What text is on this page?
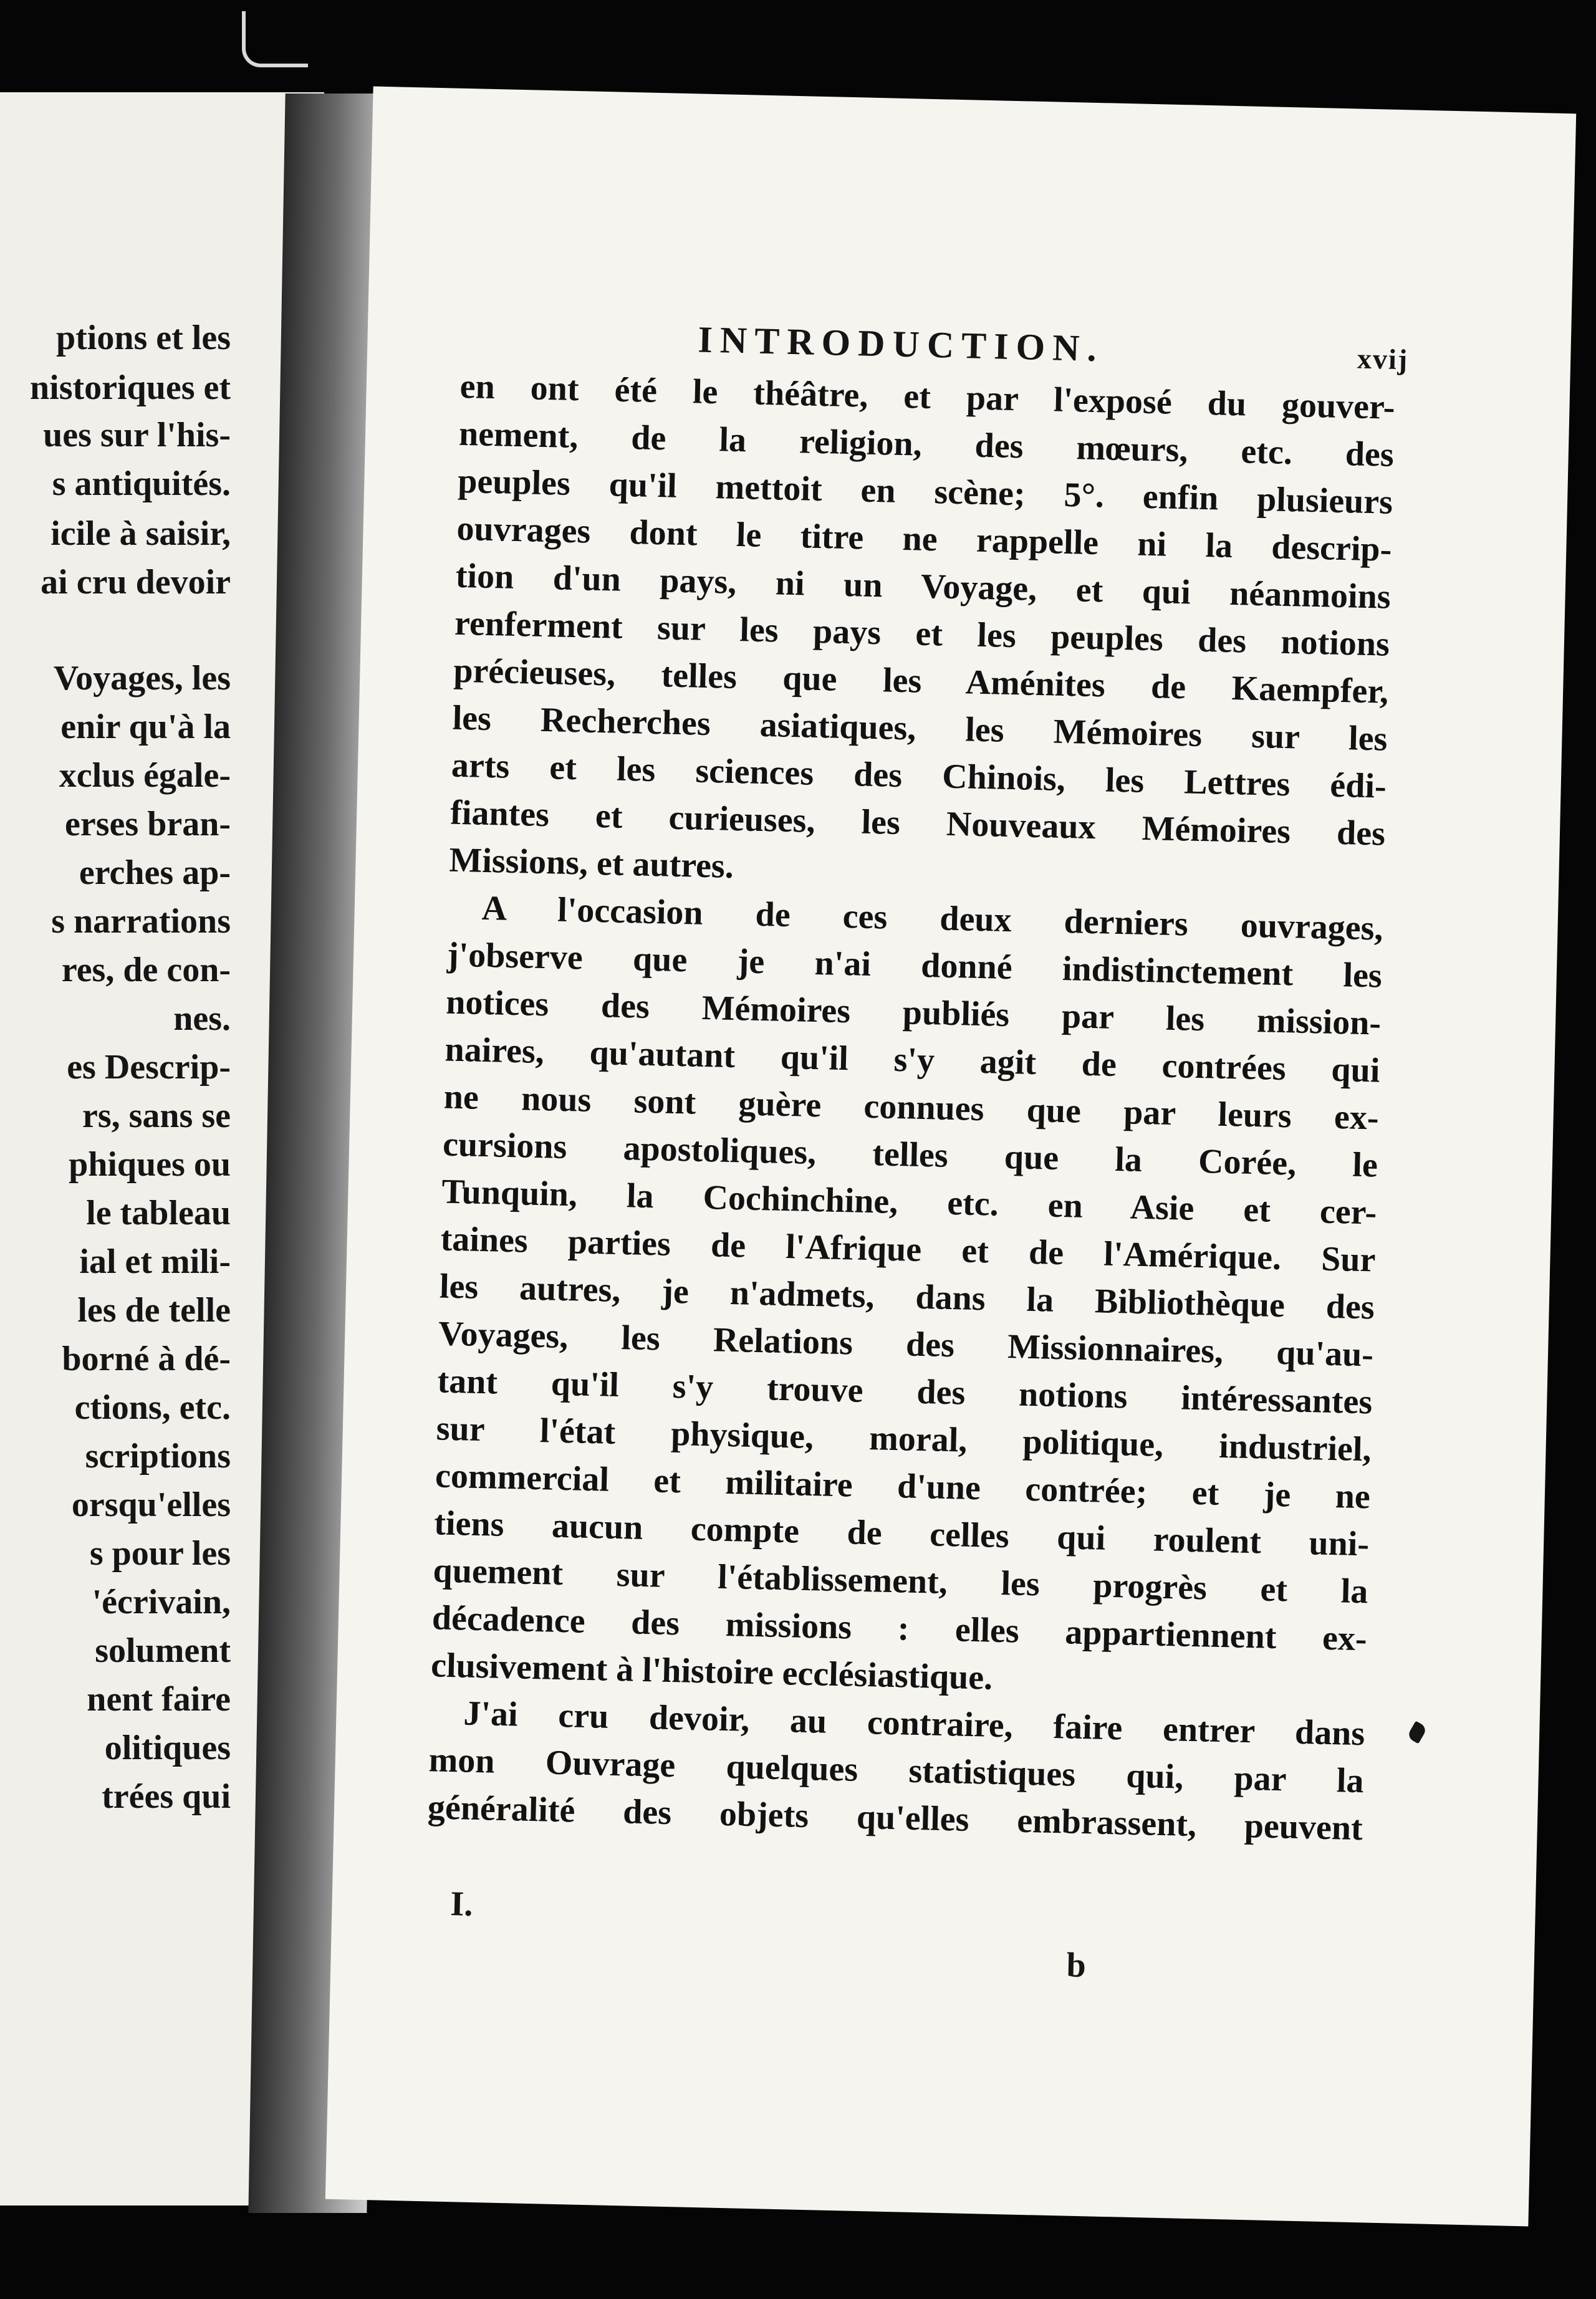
ptions et les
nistoriques et
ues sur l'his-
s antiquités.
icile à saisir,
ai cru devoir
Voyages, les
enir qu'à la
xclus égale-
erses bran-
erches ap-
s narrations
res, de con-
nes.
es Descrip-
rs, sans se
phiques ou
le tableau
ial et mili-
les de telle
borné à dé-
ctions, etc.
scriptions
orsqu'elles
s pour les
'écrivain,
solument
nent faire
olitiques
trées qui
INTRODUCTION.	xvij
en ont été le théâtre, et par l'exposé du gouver-
nement, de la religion, des mœurs, etc. des
peuples qu'il mettoit en scène; 5°. enfin plusieurs
ouvrages dont le titre ne rappelle ni la descrip-
tion d'un pays, ni un Voyage, et qui néanmoins
renferment sur les pays et les peuples des notions
précieuses, telles que les Aménites de Kaempfer,
les Recherches asiatiques, les Mémoires sur les
arts et les sciences des Chinois, les Lettres édi-
fiantes et curieuses, les Nouveaux Mémoires des
Missions, et autres.
A l'occasion de ces deux derniers ouvrages,
j'observe que je n'ai donné indistinctement les
notices des Mémoires publiés par les mission-
naires, qu'autant qu'il s'y agit de contrées qui
ne nous sont guère connues que par leurs ex-
cursions apostoliques, telles que la Corée, le
Tunquin, la Cochinchine, etc. en Asie et cer-
taines parties de l'Afrique et de l'Amérique. Sur
les autres, je n'admets, dans la Bibliothèque des
Voyages, les Relations des Missionnaires, qu'au-
tant qu'il s'y trouve des notions intéressantes
sur l'état physique, moral, politique, industriel,
commercial et militaire d'une contrée; et je ne
tiens aucun compte de celles qui roulent uni-
quement sur l'établissement, les progrès et la
décadence des missions : elles appartiennent ex-
clusivement à l'histoire ecclésiastique.
J'ai cru devoir, au contraire, faire entrer dans
mon Ouvrage quelques statistiques qui, par la
généralité des objets qu'elles embrassent, peuvent
I.
b
